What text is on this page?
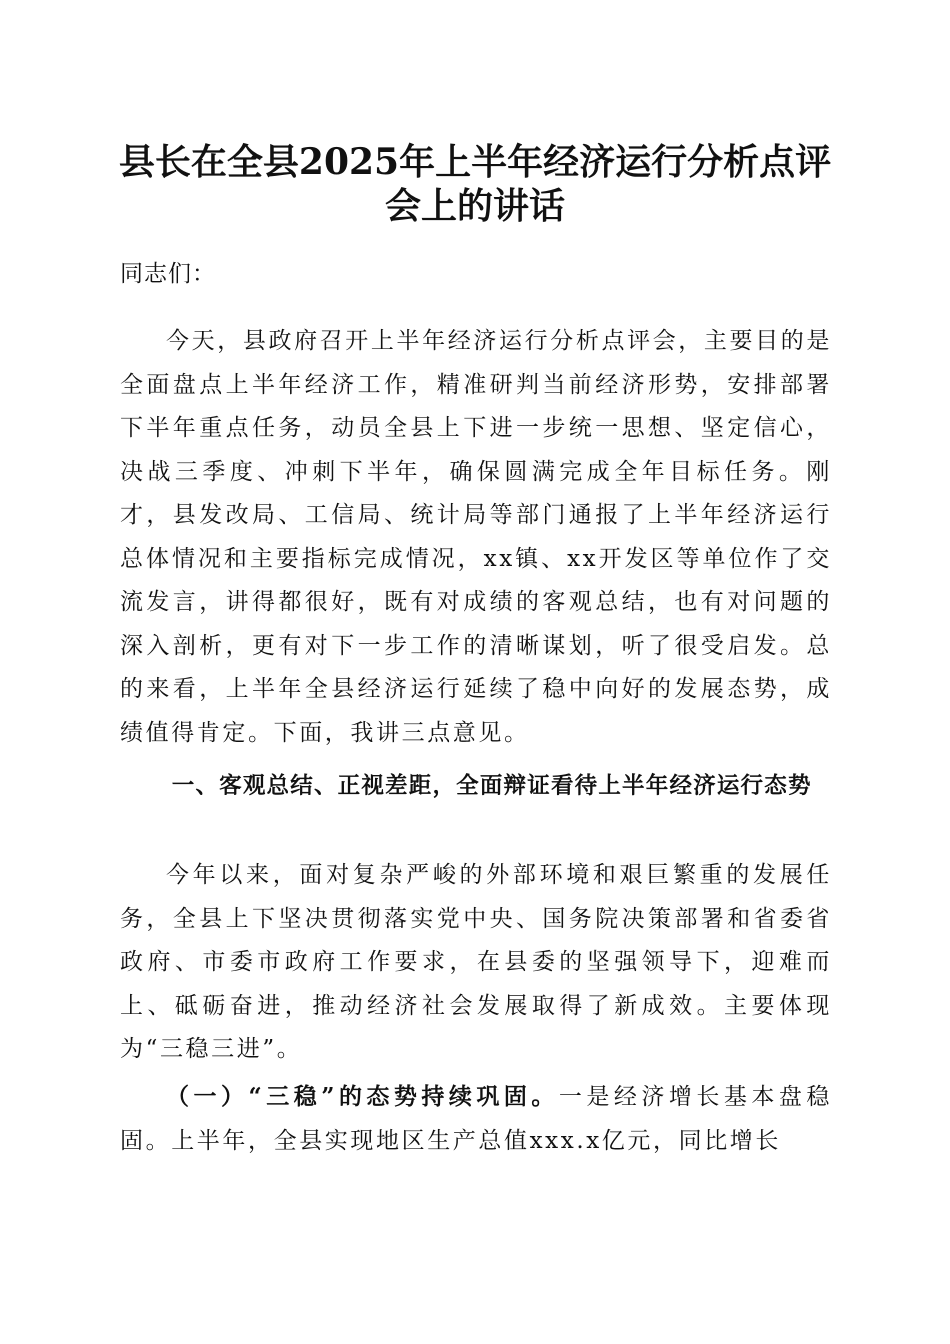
县长在全县2025年上半年经济运行分析点评
会上的讲话

同志们：

今天，县政府召开上半年经济运行分析点评会，主要目的是全面盘点上半年经济工作，精准研判当前经济形势，安排部署下半年重点任务，动员全县上下进一步统一思想、坚定信心，决战三季度、冲刺下半年，确保圆满完成全年目标任务。刚才，县发改局、工信局、统计局等部门通报了上半年经济运行总体情况和主要指标完成情况，xx镇、xx开发区等单位作了交流发言，讲得都很好，既有对成绩的客观总结，也有对问题的深入剖析，更有对下一步工作的清晰谋划，听了很受启发。总的来看，上半年全县经济运行延续了稳中向好的发展态势，成绩值得肯定。下面，我讲三点意见。

一、客观总结、正视差距，全面辩证看待上半年经济运行态势

今年以来，面对复杂严峻的外部环境和艰巨繁重的发展任务，全县上下坚决贯彻落实党中央、国务院决策部署和省委省政府、市委市政府工作要求，在县委的坚强领导下，迎难而上、砥砺奋进，推动经济社会发展取得了新成效。主要体现为“三稳三进”。

（一）“三稳”的态势持续巩固。一是经济增长基本盘稳固。上半年，全县实现地区生产总值xxx.x亿元，同比增长
